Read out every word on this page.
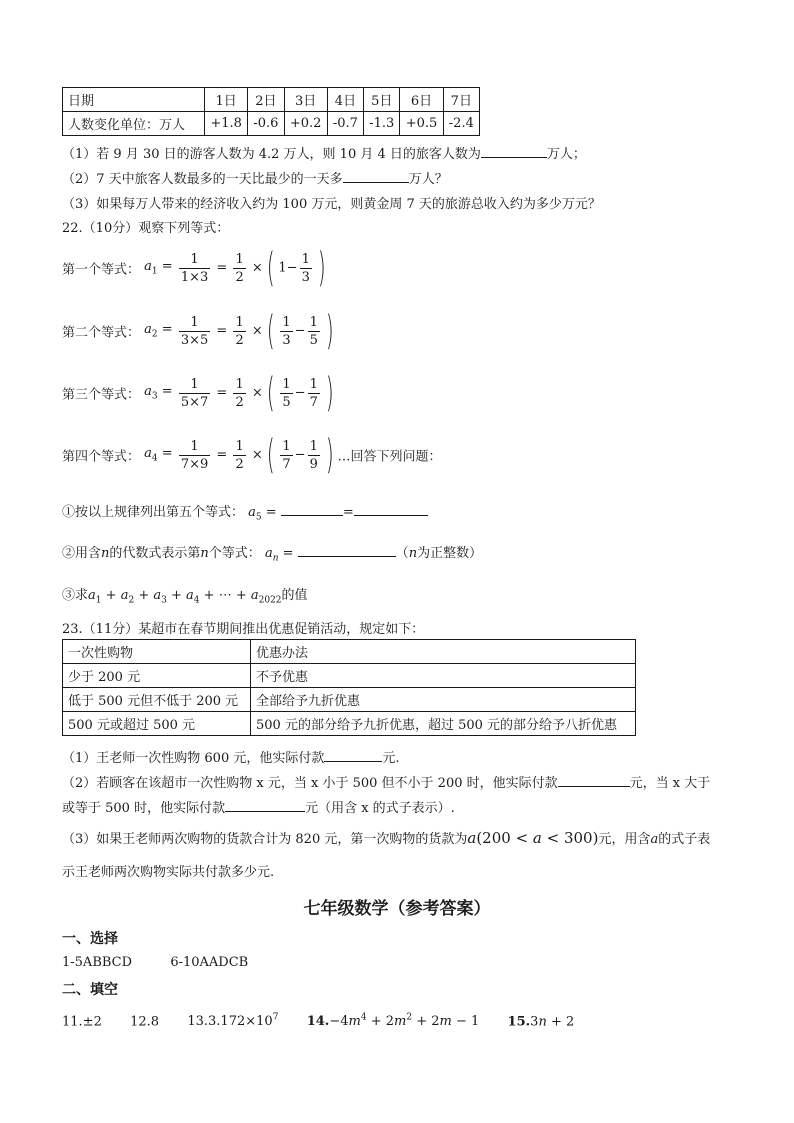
日期	1日	2日	3日	4日	5日	6日	7日
人数变化单位：万人	+1.8	-0.6	+0.2	-0.7	-1.3	+0.5	-2.4
（1）若 9 月 30 日的游客人数为 4.2 万人，则 10 月 4 日的旅客人数为	万人；
（2）7 天中旅客人数最多的一天比最少的一天多	万人？
（3）如果每万人带来的经济收入约为 100 万元，则黄金周 7 天的旅游总收入约为多少万元？
22.（10分）观察下列等式：
第一个等式： $a_1 = \frac{1}{1\times 3} = \frac{1}{2}$ ×( $1- \frac{1}{3}$ )
第二个等式： $a_2 = \frac{1}{3\times 5} = \frac{1}{2}$ ×( $\frac{1}{3} - \frac{1}{5}$ )
第三个等式： $a_3 = \frac{1}{5\times 7} = \frac{1}{2}$ ×( $\frac{1}{5} - \frac{1}{7}$ )
第四个等式： $a_4 = \frac{1}{7\times 9} = \frac{1}{2}$ ×( $\frac{1}{7} - \frac{1}{9}$ ) …回答下列问题：
①按以上规律列出第五个等式： $a_5$ =	=
②用含n的代数式表示第n个等式： $a_n$ =	（n为正整数）
③求$a_1 + a_2 + a_3 + a_4$ + ⋯ + $a_{2022}$的值
23.（11分）某超市在春节期间推出优惠促销活动，规定如下：
一次性购物	优惠办法
少于 200 元	不予优惠
低于 500 元但不低于 200 元	全部给予九折优惠
500 元或超过 500 元	500 元的部分给予九折优惠，超过 500 元的部分给予八折优惠
（1）王老师一次性购物 600 元，他实际付款	元.
（2）若顾客在该超市一次性购物 x 元，当 x 小于 500 但不小于 200 时，他实际付款	元，当 x 大于
或等于 500 时，他实际付款	元（用含 x 的式子表示）.
（3）如果王老师两次购物的货款合计为 820 元，第一次购物的货款为a(200 < a < 300)元，用含a的式子表
示王老师两次购物实际共付款多少元.
七年级数学（参考答案）
一、选择
1-5ABBCD	6-10AADCB
二、填空
11.±2 12.8 $13.3.172\times 10^7$ $14.-4m^4 + 2m^2 + 2m - 1$ 15.3n + 2
